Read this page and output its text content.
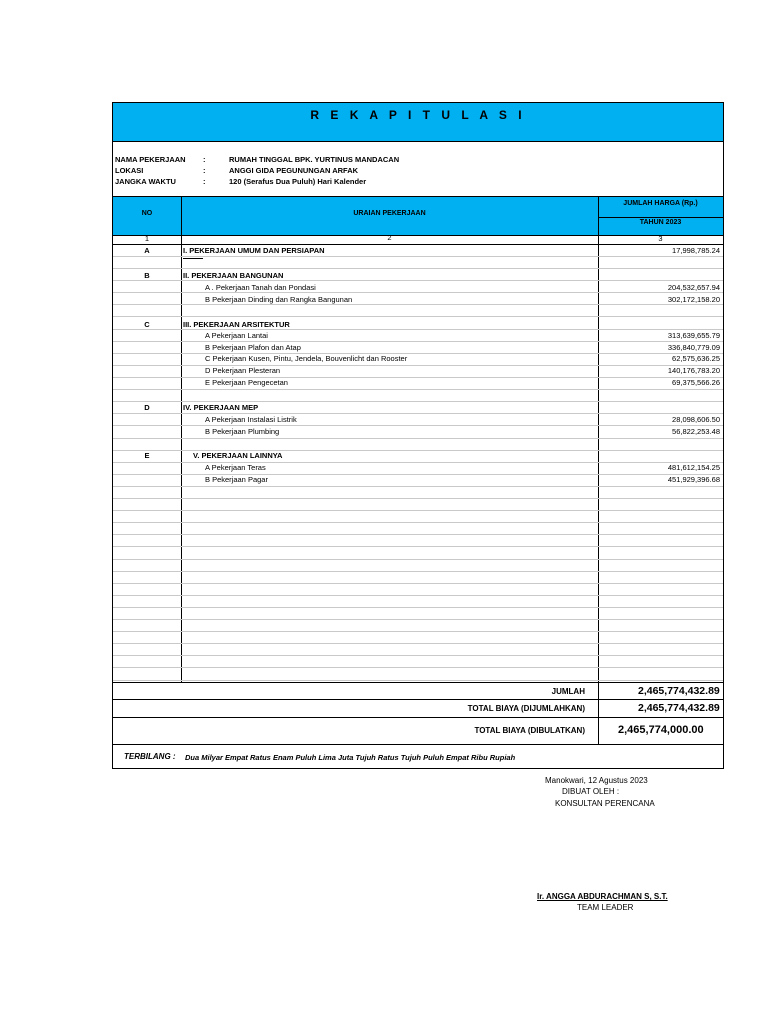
R E K A P I T U L A S I
NAMA PEKERJAAN :	RUMAH TINGGAL BPK. YURTINUS MANDACAN
LOKASI	:	ANGGI GIDA PEGUNUNGAN ARFAK
JANGKA WAKTU	:	120 (Serafus Dua Puluh) Hari Kalender
NO	URAIAN PEKERJAAN
JUMLAH HARGA (Rp.)
TAHUN 2023
1	2	3
A	I. PEKERJAAN UMUM DAN PERSIAPAN	17,998,785.24
B	II. PEKERJAAN BANGUNAN
A . Pekerjaan Tanah dan Pondasi	204,532,657.94
B Pekerjaan Dinding dan Rangka Bangunan	302,172,158.20
C	III. PEKERJAAN ARSITEKTUR
A Pekerjaan Lantai	313,639,655.79
B Pekerjaan Plafon dan Atap	336,840,779.09
C Pekerjaan Kusen, Pintu, Jendela, Bouvenlicht dan Rooster	62,575,636.25
D Pekerjaan Plesteran	140,176,783.20
E Pekerjaan Pengecetan	69,375,566.26
D	IV. PEKERJAAN MEP
A Pekerjaan Instalasi Listrik	28,098,606.50
B Pekerjaan Plumbing	56,822,253.48
E	V. PEKERJAAN LAINNYA
A Pekerjaan Teras	481,612,154.25
B Pekerjaan Pagar	451,929,396.68
JUMLAH	2,465,774,432.89
TOTAL BIAYA (DIJUMLAHKAN)	2,465,774,432.89
TOTAL BIAYA (DIBULATKAN)	2,465,774,000.00
TERBILANG : Dua Milyar Empat Ratus Enam Puluh Lima Juta Tujuh Ratus Tujuh Puluh Empat Ribu Rupiah
Manokwari, 12 Agustus 2023
DIBUAT OLEH :
KONSULTAN PERENCANA
Ir. ANGGA ABDURACHMAN S, S.T.
TEAM LEADER
